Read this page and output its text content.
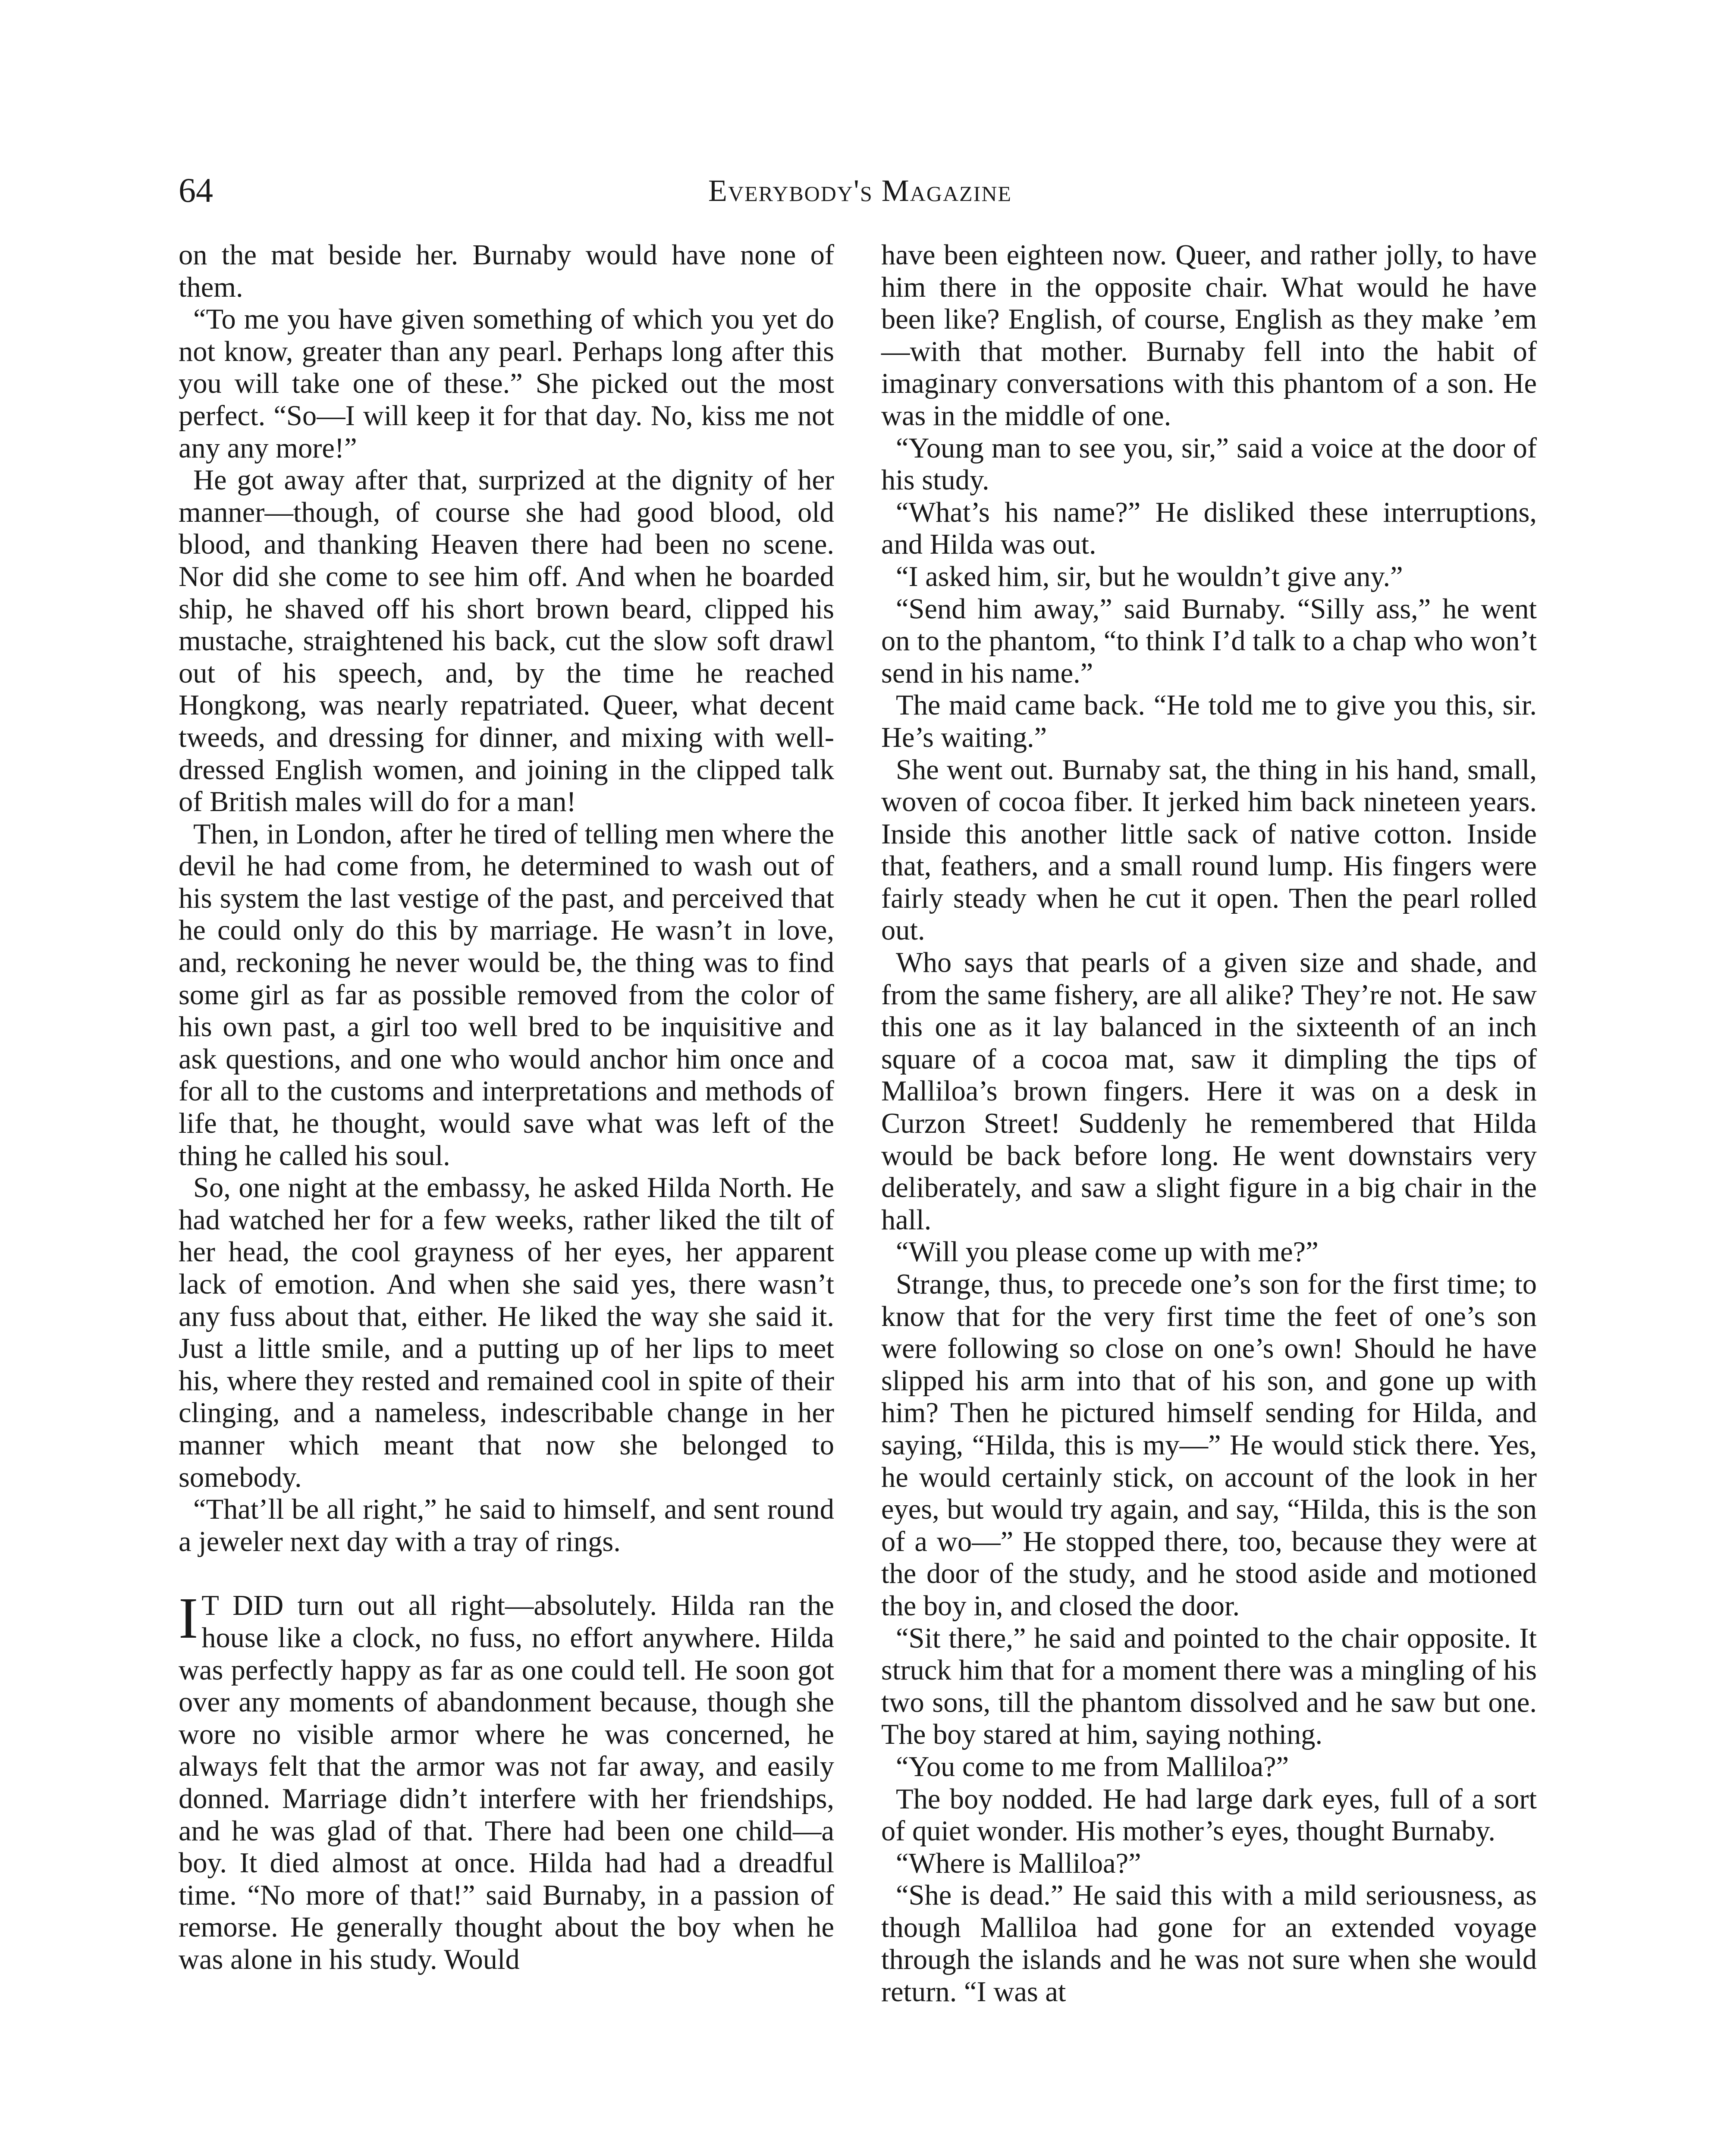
64	Everybody's Magazine

on the mat beside her. Burnaby would have none of them.

“To me you have given something of which you yet do not know, greater than any pearl. Perhaps long after this you will take one of these.” She picked out the most perfect. “So—I will keep it for that day. No, kiss me not any any more!”

He got away after that, surprized at the dignity of her manner—though, of course she had good blood, old blood, and thanking Heaven there had been no scene. Nor did she come to see him off. And when he boarded ship, he shaved off his short brown beard, clipped his mustache, straightened his back, cut the slow soft drawl out of his speech, and, by the time he reached Hongkong, was nearly repatriated. Queer, what decent tweeds, and dressing for dinner, and mixing with well-dressed English women, and joining in the clipped talk of British males will do for a man!

Then, in London, after he tired of telling men where the devil he had come from, he determined to wash out of his system the last vestige of the past, and perceived that he could only do this by marriage. He wasn’t in love, and, reckoning he never would be, the thing was to find some girl as far as possible removed from the color of his own past, a girl too well bred to be inquisitive and ask questions, and one who would anchor him once and for all to the customs and interpretations and methods of life that, he thought, would save what was left of the thing he called his soul.

So, one night at the embassy, he asked Hilda North. He had watched her for a few weeks, rather liked the tilt of her head, the cool grayness of her eyes, her apparent lack of emotion. And when she said yes, there wasn’t any fuss about that, either. He liked the way she said it. Just a little smile, and a putting up of her lips to meet his, where they rested and remained cool in spite of their clinging, and a nameless, indescribable change in her manner which meant that now she belonged to somebody.

“That’ll be all right,” he said to himself, and sent round a jeweler next day with a tray of rings.

I T DID turn out all right—absolutely. Hilda ran the house like a clock, no fuss, no effort anywhere. Hilda was perfectly happy as far as one could tell. He soon got over any moments of abandonment because, though she wore no visible armor where he was concerned, he always felt that the armor was not far away, and easily donned. Marriage didn’t interfere with her friendships, and he was glad of that. There had been one child—a boy. It died almost at once. Hilda had had a dreadful time. “No more of that!” said Burnaby, in a passion of remorse. He generally thought about the boy when he was alone in his study. Would

have been eighteen now. Queer, and rather jolly, to have him there in the opposite chair. What would he have been like? English, of course, English as they make ’em—with that mother. Burnaby fell into the habit of imaginary conversations with this phantom of a son. He was in the middle of one.

“Young man to see you, sir,” said a voice at the door of his study.

“What’s his name?” He disliked these interruptions, and Hilda was out.

“I asked him, sir, but he wouldn’t give any.”

“Send him away,” said Burnaby. “Silly ass,” he went on to the phantom, “to think I’d talk to a chap who won’t send in his name.”

The maid came back. “He told me to give you this, sir. He’s waiting.”

She went out. Burnaby sat, the thing in his hand, small, woven of cocoa fiber. It jerked him back nineteen years. Inside this another little sack of native cotton. Inside that, feathers, and a small round lump. His fingers were fairly steady when he cut it open. Then the pearl rolled out.

Who says that pearls of a given size and shade, and from the same fishery, are all alike? They’re not. He saw this one as it lay balanced in the sixteenth of an inch square of a cocoa mat, saw it dimpling the tips of Malliloa’s brown fingers. Here it was on a desk in Curzon Street! Suddenly he remembered that Hilda would be back before long. He went downstairs very deliberately, and saw a slight figure in a big chair in the hall.

“Will you please come up with me?”

Strange, thus, to precede one’s son for the first time; to know that for the very first time the feet of one’s son were following so close on one’s own! Should he have slipped his arm into that of his son, and gone up with him? Then he pictured himself sending for Hilda, and saying, “Hilda, this is my—” He would stick there. Yes, he would certainly stick, on account of the look in her eyes, but would try again, and say, “Hilda, this is the son of a wo—” He stopped there, too, because they were at the door of the study, and he stood aside and motioned the boy in, and closed the door.

“Sit there,” he said and pointed to the chair opposite. It struck him that for a moment there was a mingling of his two sons, till the phantom dissolved and he saw but one. The boy stared at him, saying nothing.

“You come to me from Malliloa?”

The boy nodded. He had large dark eyes, full of a sort of quiet wonder. His mother’s eyes, thought Burnaby.

“Where is Malliloa?”

“She is dead.” He said this with a mild seriousness, as though Malliloa had gone for an extended voyage through the islands and he was not sure when she would return. “I was at
